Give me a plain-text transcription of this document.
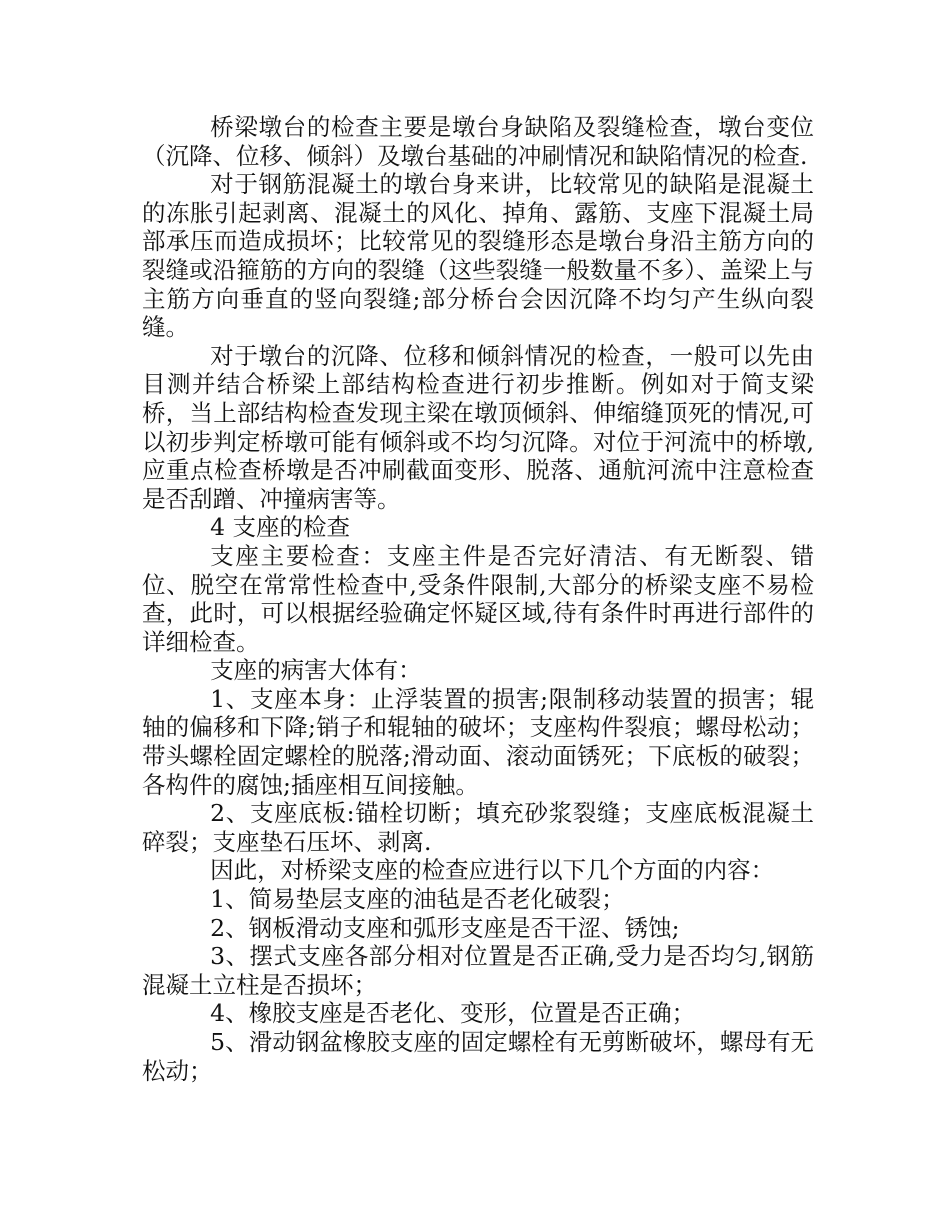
桥梁墩台的检查主要是墩台身缺陷及裂缝检查，墩台变位（沉降、位移、倾斜）及墩台基础的冲刷情况和缺陷情况的检查.

对于钢筋混凝土的墩台身来讲，比较常见的缺陷是混凝土的冻胀引起剥离、混凝土的风化、掉角、露筋、支座下混凝土局部承压而造成损坏；比较常见的裂缝形态是墩台身沿主筋方向的裂缝或沿箍筋的方向的裂缝（这些裂缝一般数量不多）、盖梁上与主筋方向垂直的竖向裂缝;部分桥台会因沉降不均匀产生纵向裂缝。

对于墩台的沉降、位移和倾斜情况的检查，一般可以先由目测并结合桥梁上部结构检查进行初步推断。例如对于简支梁桥，当上部结构检查发现主梁在墩顶倾斜、伸缩缝顶死的情况,可以初步判定桥墩可能有倾斜或不均匀沉降。对位于河流中的桥墩,应重点检查桥墩是否冲刷截面变形、脱落、通航河流中注意检查是否刮蹭、冲撞病害等。

4 支座的检查

支座主要检查：支座主件是否完好清洁、有无断裂、错位、脱空在常常性检查中,受条件限制,大部分的桥梁支座不易检查，此时，可以根据经验确定怀疑区域,待有条件时再进行部件的详细检查。

支座的病害大体有：

1、支座本身：止浮装置的损害;限制移动装置的损害；辊轴的偏移和下降;销子和辊轴的破坏；支座构件裂痕；螺母松动；带头螺栓固定螺栓的脱落;滑动面、滚动面锈死；下底板的破裂；各构件的腐蚀;插座相互间接触。

2、支座底板:锚栓切断；填充砂浆裂缝；支座底板混凝土碎裂；支座垫石压坏、剥离.

因此，对桥梁支座的检查应进行以下几个方面的内容：

1、简易垫层支座的油毡是否老化破裂；

2、钢板滑动支座和弧形支座是否干涩、锈蚀;

3、摆式支座各部分相对位置是否正确,受力是否均匀,钢筋混凝土立柱是否损坏；

4、橡胶支座是否老化、变形，位置是否正确；

5、滑动钢盆橡胶支座的固定螺栓有无剪断破坏，螺母有无松动；
